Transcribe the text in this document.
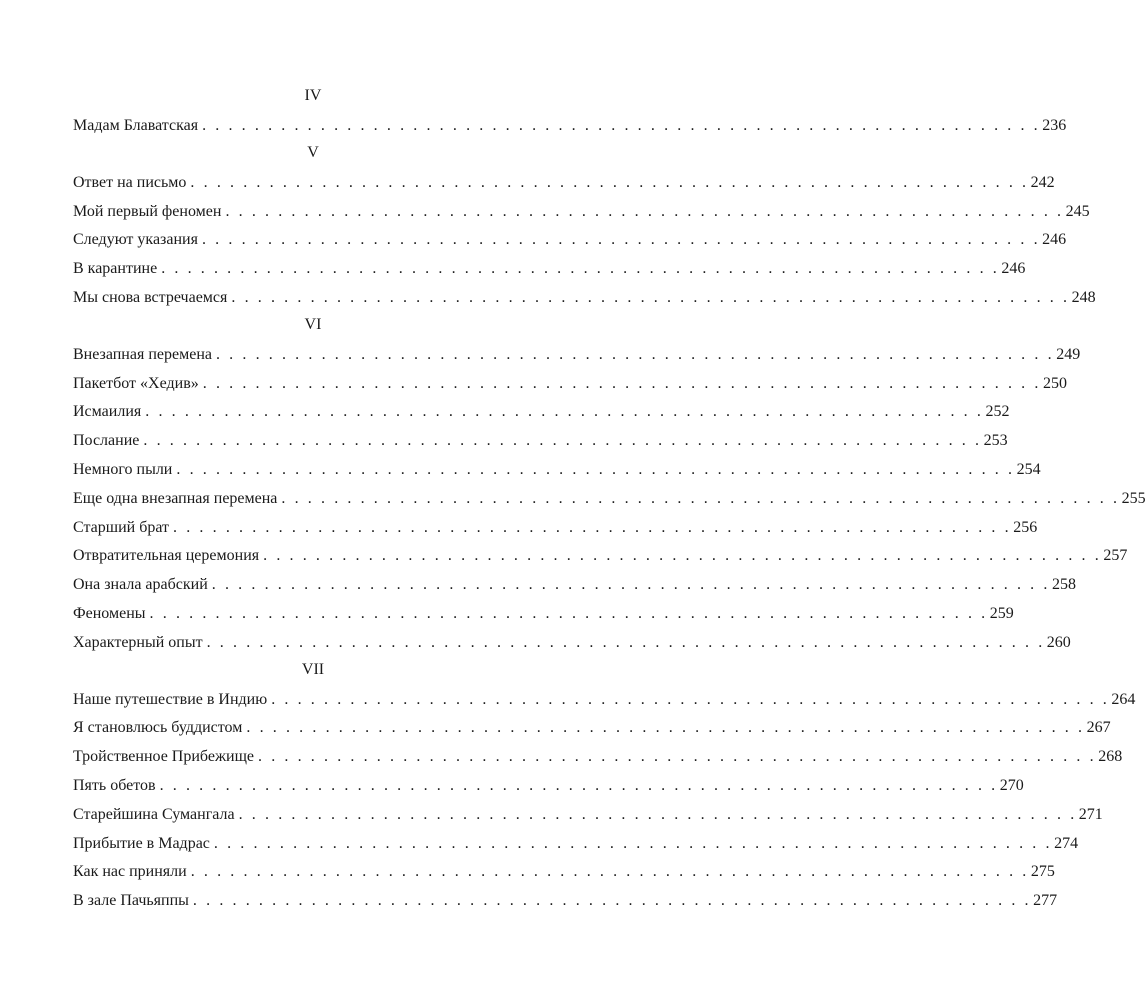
IV
Мадам Блаватская . . . . . . . . . . . . . . . . . . . . . . . . . . . . . . . . . . . . . . . . . . . . . . . . . . . . . . . . . . . . . . . . 236
V
Ответ на письмо . . . . . . . . . . . . . . . . . . . . . . . . . . . . . . . . . . . . . . . . . . . . . . . . . . . . . . . . . . . . . . . . 242
Мой первый феномен . . . . . . . . . . . . . . . . . . . . . . . . . . . . . . . . . . . . . . . . . . . . . . . . . . . . . . . . . . . . . . . . 245
Следуют указания . . . . . . . . . . . . . . . . . . . . . . . . . . . . . . . . . . . . . . . . . . . . . . . . . . . . . . . . . . . . . . . . 246
В карантине . . . . . . . . . . . . . . . . . . . . . . . . . . . . . . . . . . . . . . . . . . . . . . . . . . . . . . . . . . . . . . . . 246
Мы снова встречаемся . . . . . . . . . . . . . . . . . . . . . . . . . . . . . . . . . . . . . . . . . . . . . . . . . . . . . . . . . . . . . . . . 248
VI
Внезапная перемена . . . . . . . . . . . . . . . . . . . . . . . . . . . . . . . . . . . . . . . . . . . . . . . . . . . . . . . . . . . . . . . . 249
Пакетбот «Хедив» . . . . . . . . . . . . . . . . . . . . . . . . . . . . . . . . . . . . . . . . . . . . . . . . . . . . . . . . . . . . . . . . 250
Исмаилия . . . . . . . . . . . . . . . . . . . . . . . . . . . . . . . . . . . . . . . . . . . . . . . . . . . . . . . . . . . . . . . . 252
Послание . . . . . . . . . . . . . . . . . . . . . . . . . . . . . . . . . . . . . . . . . . . . . . . . . . . . . . . . . . . . . . . . 253
Немного пыли . . . . . . . . . . . . . . . . . . . . . . . . . . . . . . . . . . . . . . . . . . . . . . . . . . . . . . . . . . . . . . . . 254
Еще одна внезапная перемена . . . . . . . . . . . . . . . . . . . . . . . . . . . . . . . . . . . . . . . . . . . . . . . . . . . . . . . . . . . . . . . . 255
Старший брат . . . . . . . . . . . . . . . . . . . . . . . . . . . . . . . . . . . . . . . . . . . . . . . . . . . . . . . . . . . . . . . . 256
Отвратительная церемония . . . . . . . . . . . . . . . . . . . . . . . . . . . . . . . . . . . . . . . . . . . . . . . . . . . . . . . . . . . . . . . . 257
Она знала арабский . . . . . . . . . . . . . . . . . . . . . . . . . . . . . . . . . . . . . . . . . . . . . . . . . . . . . . . . . . . . . . . . 258
Феномены . . . . . . . . . . . . . . . . . . . . . . . . . . . . . . . . . . . . . . . . . . . . . . . . . . . . . . . . . . . . . . . . 259
Характерный опыт . . . . . . . . . . . . . . . . . . . . . . . . . . . . . . . . . . . . . . . . . . . . . . . . . . . . . . . . . . . . . . . . 260
VII
Наше путешествие в Индию . . . . . . . . . . . . . . . . . . . . . . . . . . . . . . . . . . . . . . . . . . . . . . . . . . . . . . . . . . . . . . . . 264
Я становлюсь буддистом . . . . . . . . . . . . . . . . . . . . . . . . . . . . . . . . . . . . . . . . . . . . . . . . . . . . . . . . . . . . . . . . 267
Тройственное Прибежище . . . . . . . . . . . . . . . . . . . . . . . . . . . . . . . . . . . . . . . . . . . . . . . . . . . . . . . . . . . . . . . . 268
Пять обетов . . . . . . . . . . . . . . . . . . . . . . . . . . . . . . . . . . . . . . . . . . . . . . . . . . . . . . . . . . . . . . . . 270
Старейшина Сумангала . . . . . . . . . . . . . . . . . . . . . . . . . . . . . . . . . . . . . . . . . . . . . . . . . . . . . . . . . . . . . . . . 271
Прибытие в Мадрас . . . . . . . . . . . . . . . . . . . . . . . . . . . . . . . . . . . . . . . . . . . . . . . . . . . . . . . . . . . . . . . . 274
Как нас приняли . . . . . . . . . . . . . . . . . . . . . . . . . . . . . . . . . . . . . . . . . . . . . . . . . . . . . . . . . . . . . . . . 275
В зале Пачьяппы . . . . . . . . . . . . . . . . . . . . . . . . . . . . . . . . . . . . . . . . . . . . . . . . . . . . . . . . . . . . . . . . 277
